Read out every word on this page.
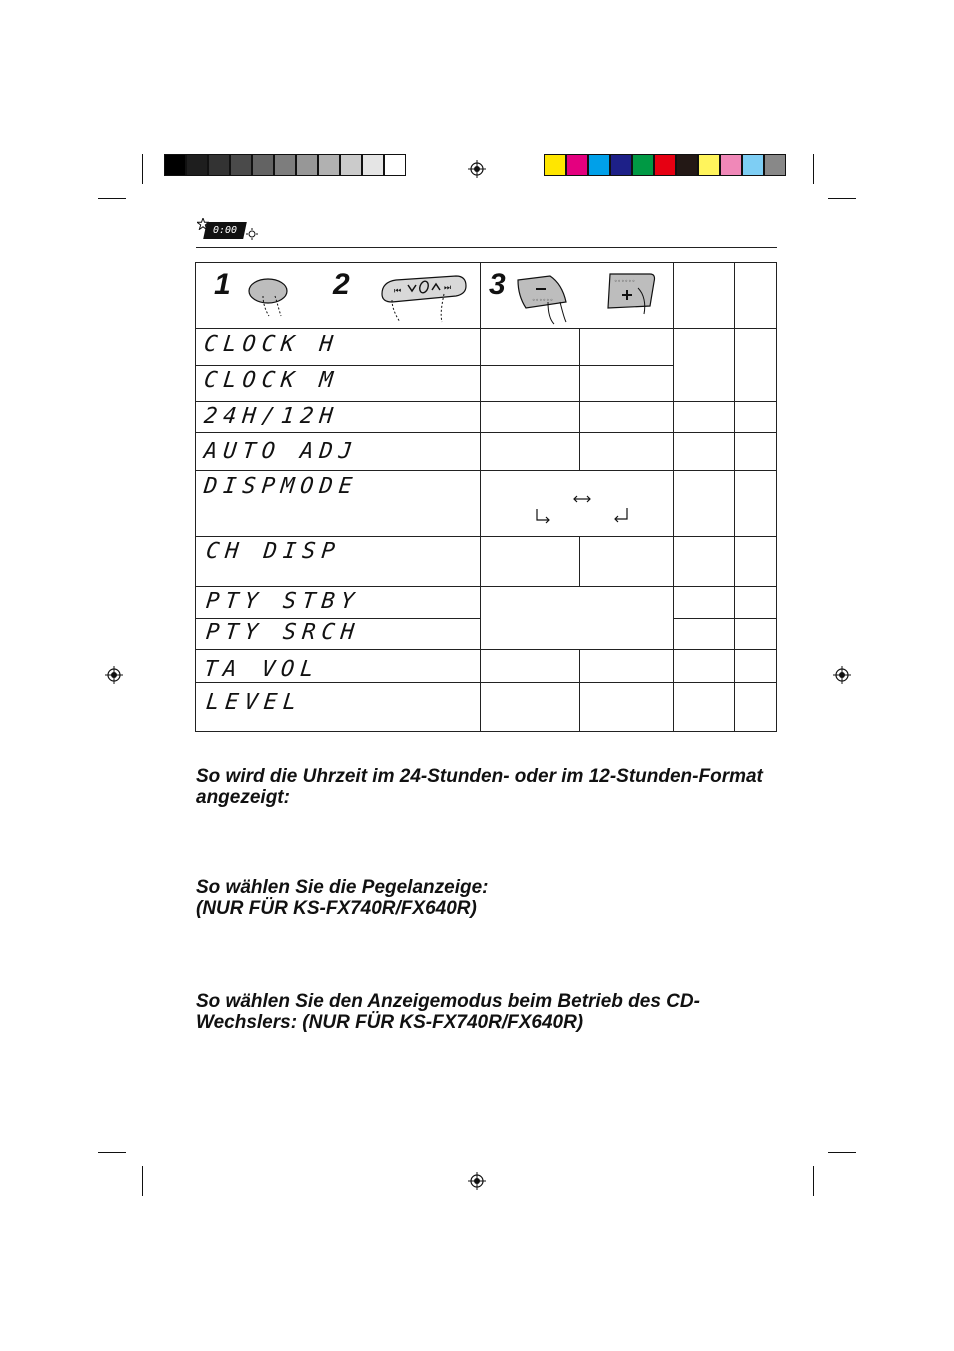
0:00
1	2	3
⏮	⏭
◦◦◦◦◦◦
◦◦◦◦◦◦
CLOCK H
CLOCK M
24H/12H
AUTO ADJ
DISPMODE
CH DISP
PTY STBY
PTY SRCH
TA VOL
LEVEL
So wird die Uhrzeit im 24-Stunden- oder im 12-Stunden-Format angezeigt:
So wählen Sie die Pegelanzeige:
(NUR FÜR KS-FX740R/FX640R)
So wählen Sie den Anzeigemodus beim Betrieb des CD-
Wechslers: (NUR FÜR KS-FX740R/FX640R)
